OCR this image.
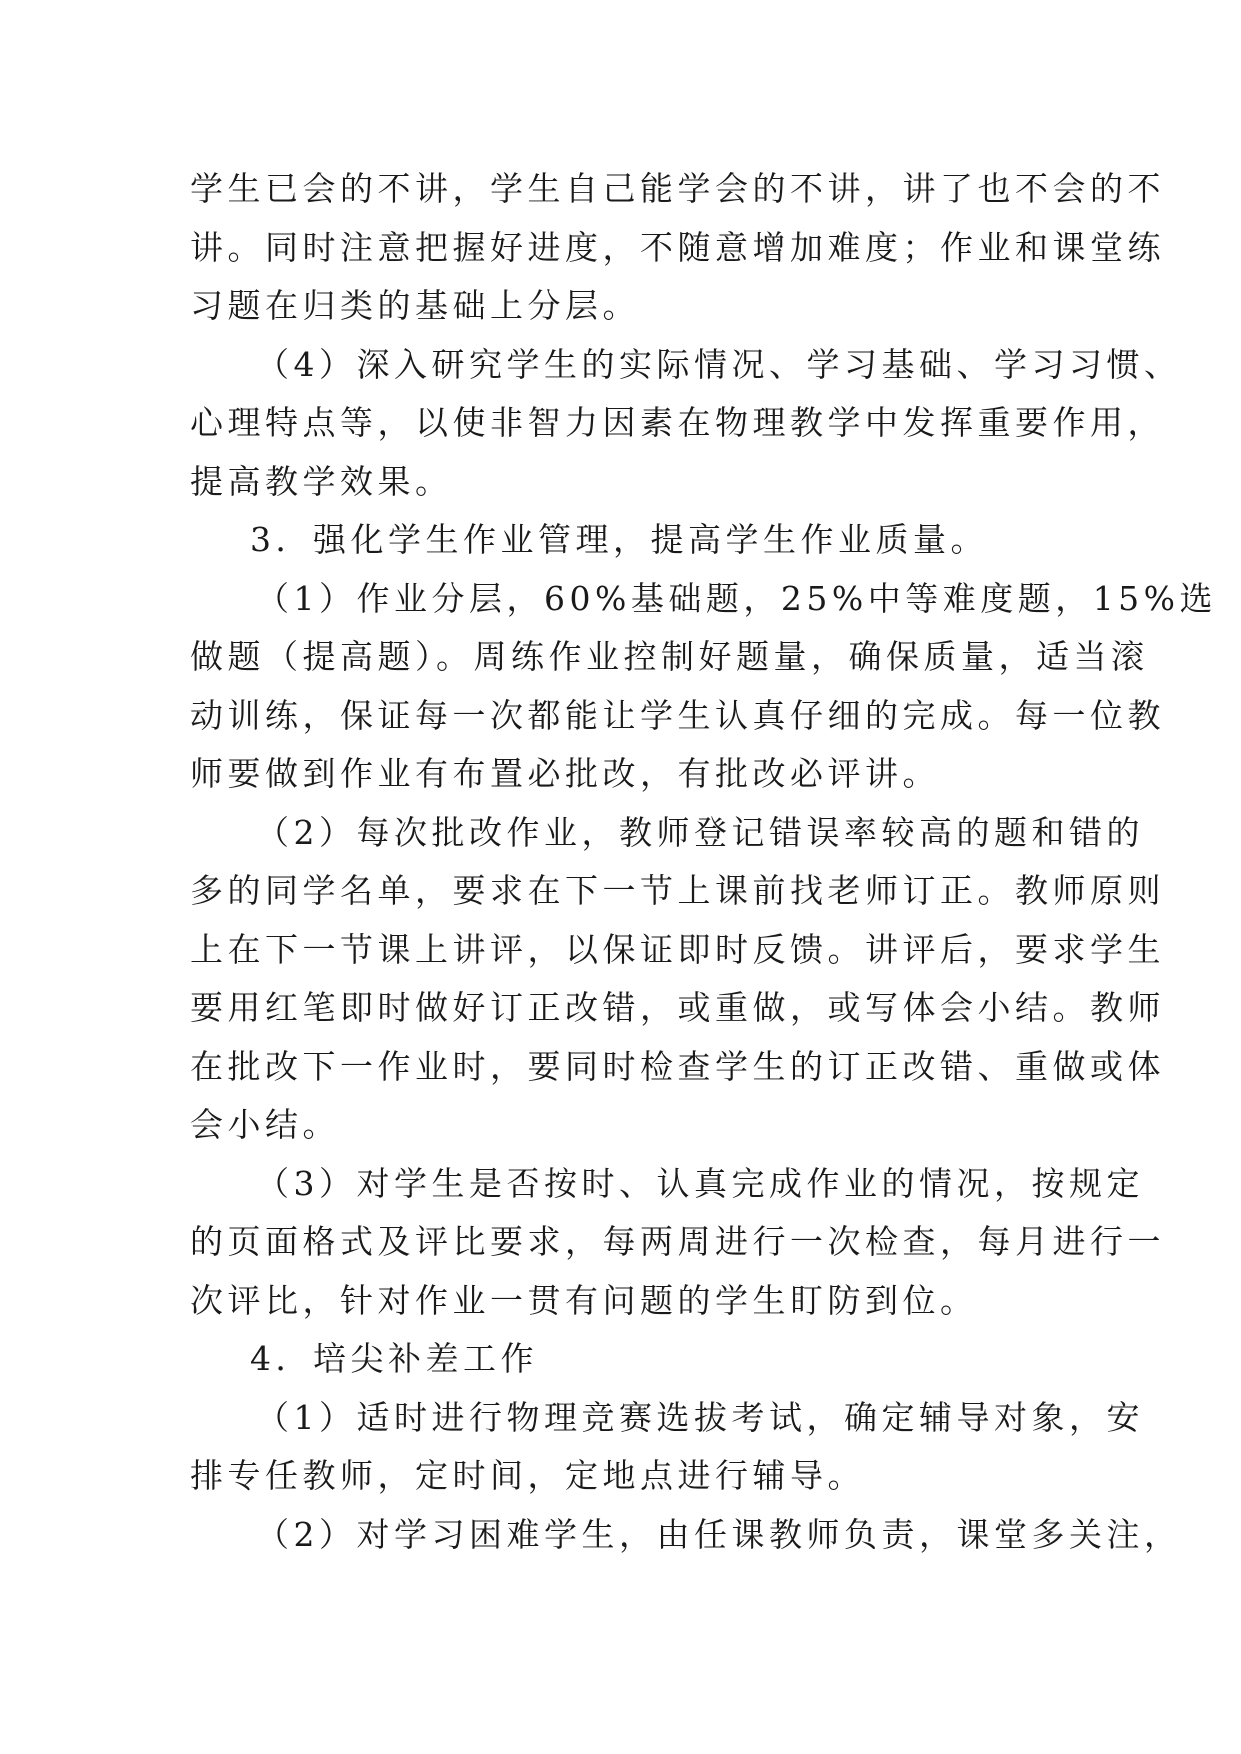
学生已会的不讲，学生自己能学会的不讲，讲了也不会的不
讲。同时注意把握好进度，不随意增加难度；作业和课堂练
习题在归类的基础上分层。
（4）深入研究学生的实际情况、学习基础、学习习惯、
心理特点等，以使非智力因素在物理教学中发挥重要作用，
提高教学效果。
3．强化学生作业管理，提高学生作业质量。
（1）作业分层，60%基础题，25%中等难度题，15%选
做题（提高题）。周练作业控制好题量，确保质量，适当滚
动训练，保证每一次都能让学生认真仔细的完成。每一位教
师要做到作业有布置必批改，有批改必评讲。
（2）每次批改作业，教师登记错误率较高的题和错的
多的同学名单，要求在下一节上课前找老师订正。教师原则
上在下一节课上讲评，以保证即时反馈。讲评后，要求学生
要用红笔即时做好订正改错，或重做，或写体会小结。教师
在批改下一作业时，要同时检查学生的订正改错、重做或体
会小结。
（3）对学生是否按时、认真完成作业的情况，按规定
的页面格式及评比要求，每两周进行一次检查，每月进行一
次评比，针对作业一贯有问题的学生盯防到位。
4．培尖补差工作
（1）适时进行物理竞赛选拔考试，确定辅导对象，安
排专任教师，定时间，定地点进行辅导。
（2）对学习困难学生，由任课教师负责，课堂多关注，
